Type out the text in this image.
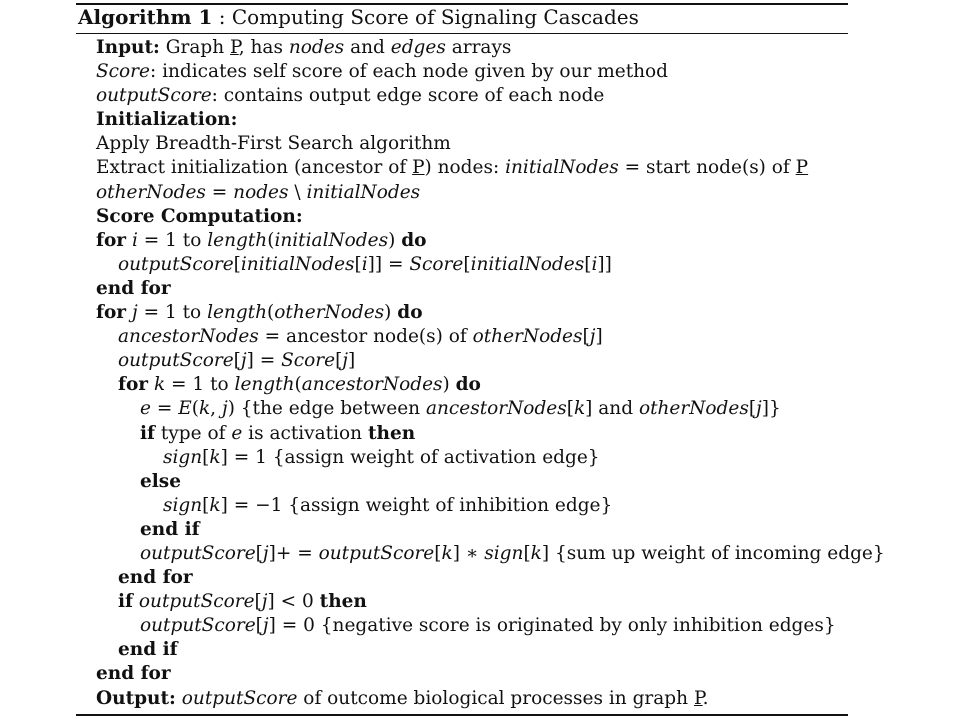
Algorithm 1 : Computing Score of Signaling Cascades
Input: Graph P, has nodes and edges arrays
Score: indicates self score of each node given by our method
outputScore: contains output edge score of each node
Initialization:
Apply Breadth-First Search algorithm
Extract initialization (ancestor of P) nodes: initialNodes = start node(s) of P
otherNodes = nodes \ initialNodes
Score Computation:
for i = 1 to length(initialNodes) do
outputScore[initialNodes[i]] = Score[initialNodes[i]]
end for
for j = 1 to length(otherNodes) do
ancestorNodes = ancestor node(s) of otherNodes[j]
outputScore[j] = Score[j]
for k = 1 to length(ancestorNodes) do
e = E(k, j) {the edge between ancestorNodes[k] and otherNodes[j]}
if type of e is activation then
sign[k] = 1 {assign weight of activation edge}
else
sign[k] = −1 {assign weight of inhibition edge}
end if
outputScore[j]+ = outputScore[k] ∗ sign[k] {sum up weight of incoming edge}
end for
if outputScore[j] < 0 then
outputScore[j] = 0 {negative score is originated by only inhibition edges}
end if
end for
Output: outputScore of outcome biological processes in graph P.
